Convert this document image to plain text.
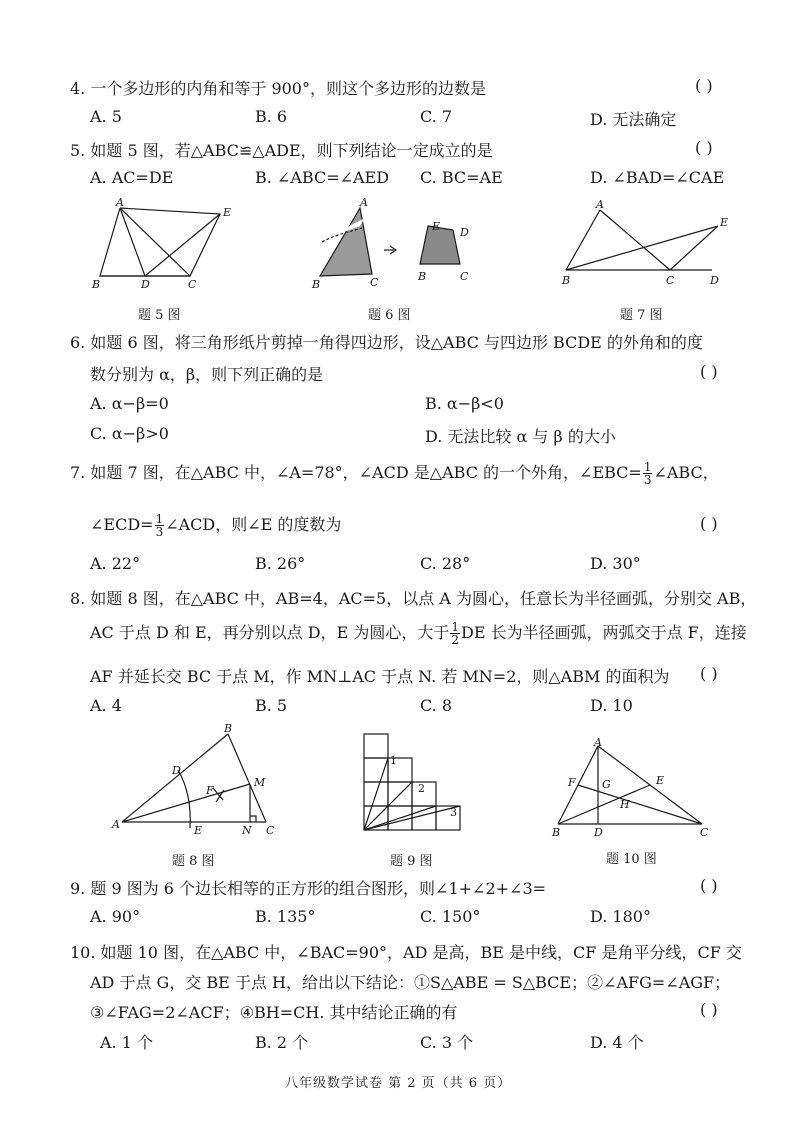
4. 一个多边形的内角和等于 900°，则这个多边形的边数是	( )
A. 5	B. 6	C. 7	D. 无法确定
5. 如题 5 图，若△ABC≌△ADE，则下列结论一定成立的是	( )
A. AC=DE	B. ∠ABC=∠AED C. BC=AE	D. ∠BAD=∠CAE
A
E
B	D	C
题 5 图
A
B	C
E D
B	C
题 6 图
A
E
B	C	D
题 7 图
6. 如题 6 图，将三角形纸片剪掉一角得四边形，设△ABC 与四边形 BCDE 的外角和的度
数分别为 α，β，则下列正确的是	( )
A. α−β=0	B. α−β<0
C. α−β>0	D. 无法比较 α 与 β 的大小
7. 如题 7 图，在△ABC 中，∠A=78°，∠ACD 是△ABC 的一个外角，∠EBC= $\frac{1}{3}$ ∠ABC，
∠ECD= $\frac{1}{3}$ ∠ACD，则∠E 的度数为	( )
A. 22°	B. 26°	C. 28°	D. 30°
8. 如题 8 图，在△ABC 中，AB=4，AC=5，以点 A 为圆心，任意长为半径画弧，分别交 AB，
AC 于点 D 和 E，再分别以点 D，E 为圆心，大于 $\frac{1}{2}$ DE 长为半径画弧，两弧交于点 F，连接
AF 并延长交 BC 于点 M，作 MN⊥AC 于点 N. 若 MN=2，则△ABM 的面积为 ( )
A. 4	B. 5	C. 8	D. 10
B
D
M
F
A	E	N C
题 8 图
1
2
3
题 9 图
A
F G	E
H
B	D	C
题 10 图
9. 题 9 图为 6 个边长相等的正方形的组合图形，则∠1+∠2+∠3=	( )
A. 90°	B. 135°	C. 150°	D. 180°
10. 如题 10 图，在△ABC 中，∠BAC=90°，AD 是高，BE 是中线，CF 是角平分线，CF 交
AD 于点 G，交 BE 于点 H，给出以下结论：①S△ABE = S△BCE；②∠AFG=∠AGF；
③∠FAG=2∠ACF；④BH=CH. 其中结论正确的有	( )
A. 1 个	B. 2 个	C. 3 个	D. 4 个
八年级数学试卷 第 2 页（共 6 页）
